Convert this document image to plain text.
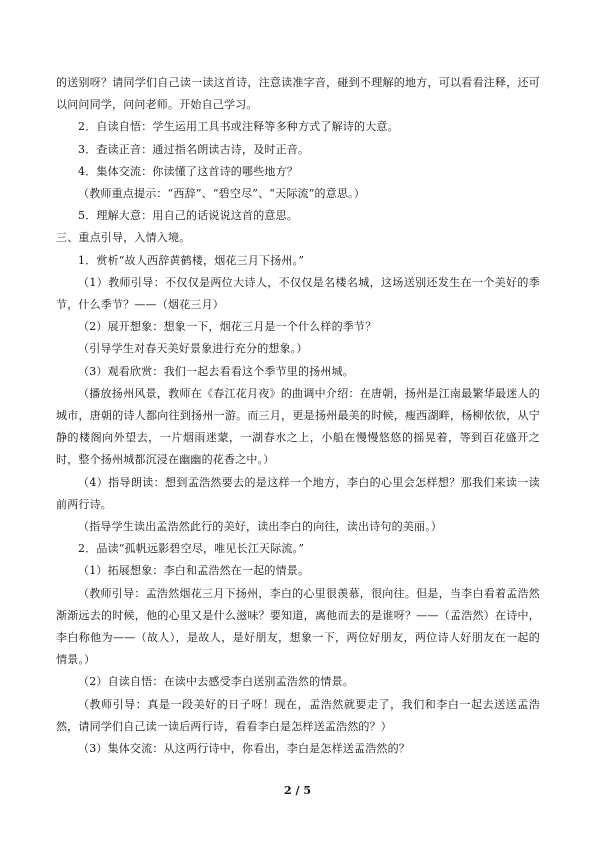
的送别呀？请同学们自己读一读这首诗，注意读准字音，碰到不理解的地方，可以看看注释，还可以问问同学，问问老师。开始自己学习。

2．自读自悟：学生运用工具书或注释等多种方式了解诗的大意。

3．查读正音：通过指名朗读古诗，及时正音。

4．集体交流：你读懂了这首诗的哪些地方？

（教师重点提示：“西辞”、“碧空尽”、“天际流”的意思。）

5．理解大意：用自己的话说说这首的意思。

三、重点引导，入情入境。

1．赏析“故人西辞黄鹤楼，烟花三月下扬州。”

（1）教师引导：不仅仅是两位大诗人，不仅仅是名楼名城，这场送别还发生在一个美好的季节，什么季节？——（烟花三月）

（2）展开想象：想象一下，烟花三月是一个什么样的季节？

（引导学生对春天美好景象进行充分的想象。）

（3）观看欣赏：我们一起去看看这个季节里的扬州城。

（播放扬州风景，教师在《春江花月夜》的曲调中介绍：在唐朝，扬州是江南最繁华最迷人的城市，唐朝的诗人都向往到扬州一游。而三月，更是扬州最美的时候，瘦西湖畔，杨柳依依，从宁静的楼阁向外望去，一片烟雨迷蒙，一湖春水之上，小船在慢慢悠悠的摇晃着，等到百花盛开之时，整个扬州城都沉浸在幽幽的花香之中。）

（4）指导朗读：想到孟浩然要去的是这样一个地方，李白的心里会怎样想？那我们来读一读前两行诗。

（指导学生读出孟浩然此行的美好，读出李白的向往，读出诗句的美丽。）

2．品读“孤帆远影碧空尽，唯见长江天际流。”

（1）拓展想象：李白和孟浩然在一起的情景。

（教师引导：孟浩然烟花三月下扬州，李白的心里很羡慕，很向往。但是，当李白看着孟浩然渐渐远去的时候，他的心里又是什么滋味？要知道，离他而去的是谁呀？——（孟浩然）在诗中，李白称他为——（故人），是故人，是好朋友，想象一下，两位好朋友，两位诗人好朋友在一起的情景。）

（2）自读自悟：在读中去感受李白送别孟浩然的情景。

（教师引导：真是一段美好的日子呀！现在，孟浩然就要走了，我们和李白一起去送送孟浩然，请同学们自己读一读后两行诗，看看李白是怎样送孟浩然的？）

（3）集体交流：从这两行诗中，你看出，李白是怎样送孟浩然的？

2 / 5
